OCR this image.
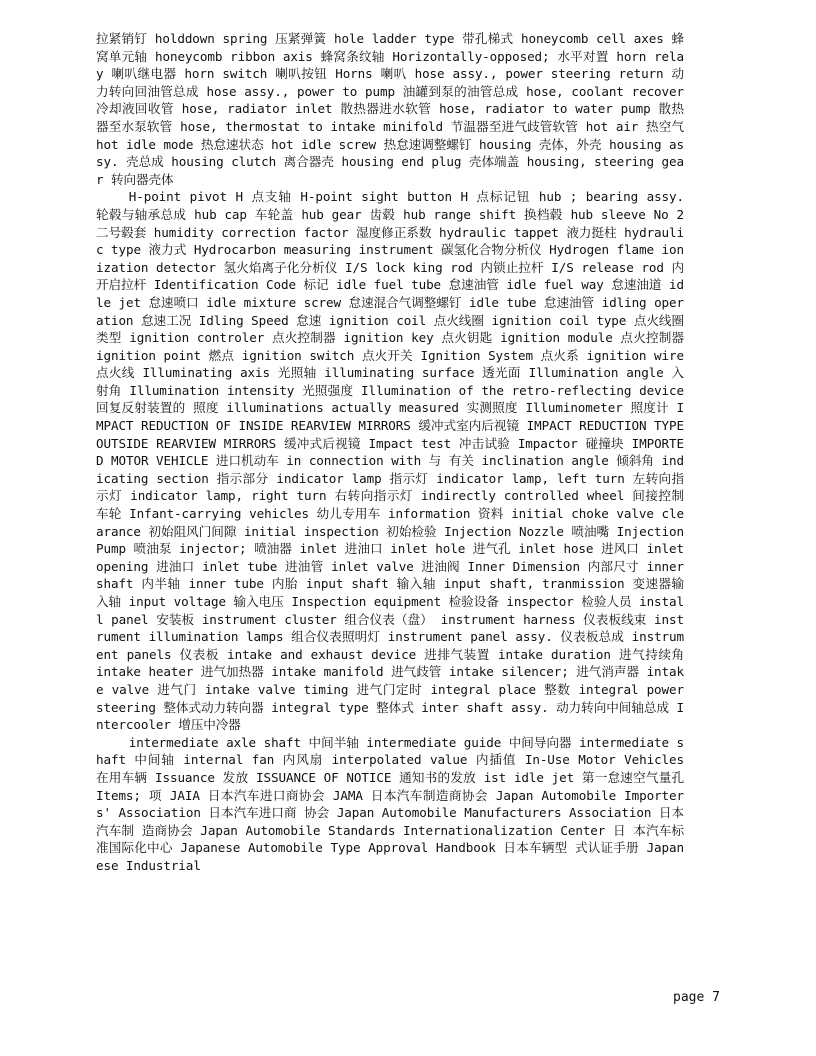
拉紧销钉 holddown spring 压紧弹簧 hole ladder type 带孔梯式 honeycomb cell axes 蜂窝单元轴 honeycomb ribbon axis 蜂窝条纹轴 Horizontally-opposed; 水平对置 horn relay 喇叭继电器 horn switch 喇叭按钮 Horns 喇叭 hose assy., power steering return 动力转向回油管总成 hose assy., power to pump 油罐到泵的油管总成 hose, coolant recover 冷却液回收管 hose, radiator inlet 散热器进水软管 hose, radiator to water pump 散热器至水泵软管 hose, thermostat to intake minifold 节温器至进气歧管软管 hot air 热空气 hot idle mode 热怠速状态 hot idle screw 热怠速调整螺钉 housing 壳体，外壳 housing assy. 壳总成 housing clutch 离合器壳 housing end plug 壳体端盖 housing, steering gear 转向器壳体

H-point pivot H 点支轴 H-point sight button H 点标记钮 hub ; bearing assy. 轮毂与轴承总成 hub cap 车轮盖 hub gear 齿毂 hub range shift 换档毂 hub sleeve No 2 二号毂套 humidity correction factor 湿度修正系数 hydraulic tappet 液力挺柱 hydraulic type 液力式 Hydrocarbon measuring instrument 碳氢化合物分析仪 Hydrogen flame ionization detector 氢火焰离子化分析仪 I/S lock king rod 内锁止拉杆 I/S release rod 内开启拉杆 Identification Code 标记 idle fuel tube 怠速油管 idle fuel way 怠速油道 idle jet 怠速喷口 idle mixture screw 怠速混合气调整螺钉 idle tube 怠速油管 idling operation 怠速工况 Idling Speed 怠速 ignition coil 点火线圈 ignition coil type 点火线圈类型 ignition controler 点火控制器 ignition key 点火钥匙 ignition module 点火控制器 ignition point 燃点 ignition switch 点火开关 Ignition System 点火系 ignition wire 点火线 Illuminating axis 光照轴 illuminating surface 透光面 Illumination angle 入射角 Illumination intensity 光照强度 Illumination of the retro-reflecting device 回复反射装置的 照度 illuminations actually measured 实测照度 Illuminometer 照度计 IMPACT REDUCTION OF INSIDE REARVIEW MIRRORS 缓冲式室内后视镜 IMPACT REDUCTION TYPE OUTSIDE REARVIEW MIRRORS 缓冲式后视镜 Impact test 冲击试验 Impactor 碰撞块 IMPORTED MOTOR VEHICLE 进口机动车 in connection with 与 有关 inclination angle 倾斜角 indicating section 指示部分 indicator lamp 指示灯 indicator lamp, left turn 左转向指示灯 indicator lamp, right turn 右转向指示灯 indirectly controlled wheel 间接控制车轮 Infant-carrying vehicles 幼儿专用车 information 资料 initial choke valve clearance 初始阻风门间隙 initial inspection 初始检验 Injection Nozzle 喷油嘴 Injection Pump 喷油泵 injector; 喷油器 inlet 进油口 inlet hole 进气孔 inlet hose 进风口 inlet opening 进油口 inlet tube 进油管 inlet valve 进油阀 Inner Dimension 内部尺寸 inner shaft 内半轴 inner tube 内胎 input shaft 输入轴 input shaft, tranmission 变速器输入轴 input voltage 输入电压 Inspection equipment 检验设备 inspector 检验人员 install panel 安装板 instrument cluster 组合仪表（盘） instrument harness 仪表板线束 instrument illumination lamps 组合仪表照明灯 instrument panel assy. 仪表板总成 instrument panels 仪表板 intake and exhaust device 进排气装置 intake duration 进气持续角 intake heater 进气加热器 intake manifold 进气歧管 intake silencer; 进气消声器 intake valve 进气门 intake valve timing 进气门定时 integral place 整数 integral power steering 整体式动力转向器 integral type 整体式 inter shaft assy. 动力转向中间轴总成 Intercooler 增压中冷器

intermediate axle shaft 中间半轴 intermediate guide 中间导向器 intermediate shaft 中间轴 internal fan 内风扇 interpolated value 内插值 In-Use Motor Vehicles 在用车辆 Issuance 发放 ISSUANCE OF NOTICE 通知书的发放 ist idle jet 第一怠速空气量孔 Items; 项 JAIA 日本汽车进口商协会 JAMA 日本汽车制造商协会 Japan Automobile Importers' Association 日本汽车进口商 协会 Japan Automobile Manufacturers Association 日本汽车制 造商协会 Japan Automobile Standards Internationalization Center 日 本汽车标准国际化中心 Japanese Automobile Type Approval Handbook 日本车辆型 式认证手册 Japanese Industrial

page 7
